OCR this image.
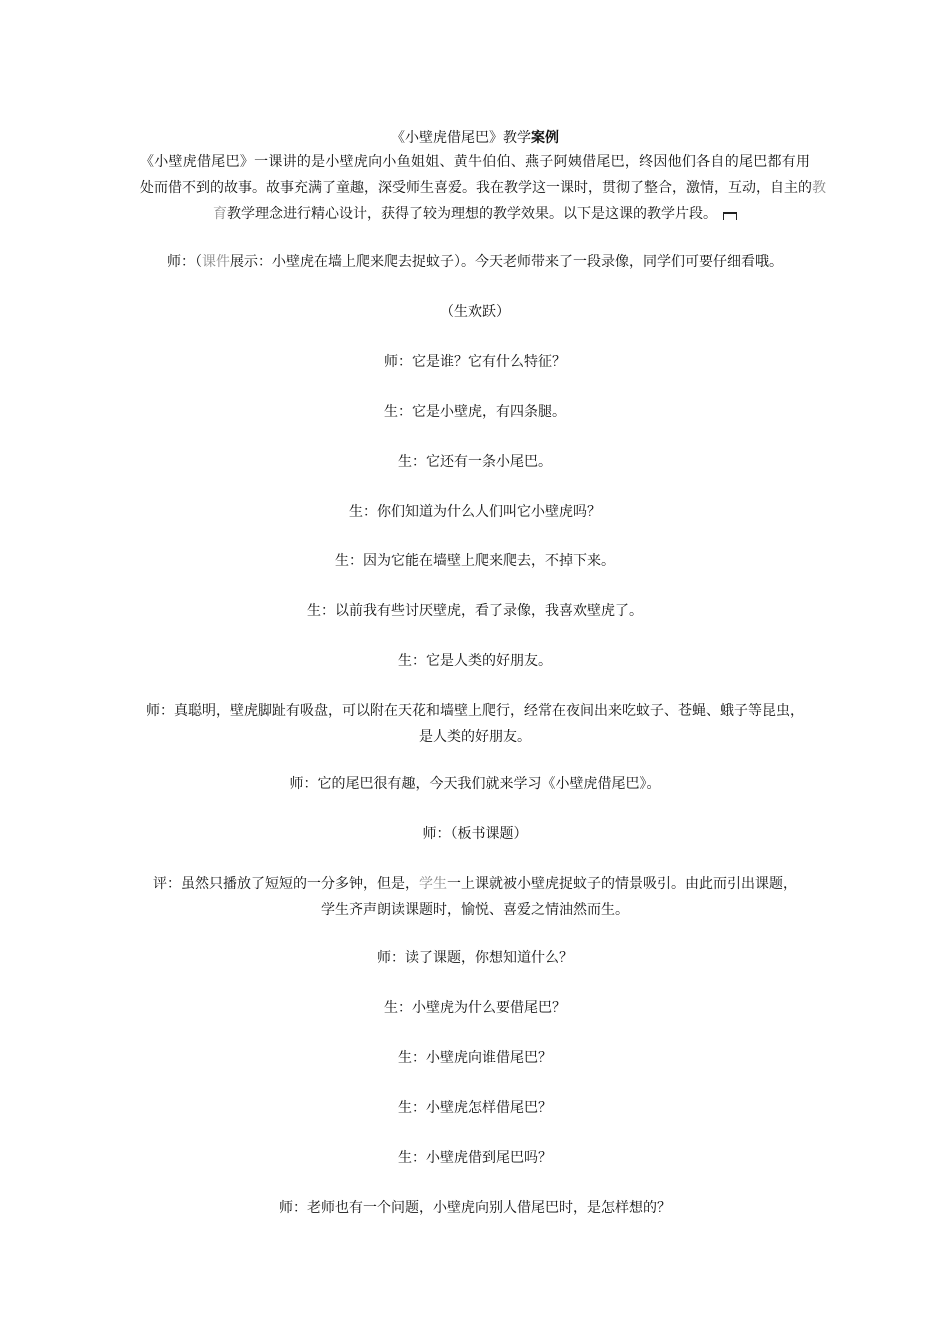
《小壁虎借尾巴》教学案例
《小壁虎借尾巴》一课讲的是小壁虎向小鱼姐姐、黄牛伯伯、燕子阿姨借尾巴，终因他们各自的尾巴都有用
处而借不到的故事。故事充满了童趣，深受师生喜爱。我在教学这一课时，贯彻了整合，激情，互动，自主的教
育教学理念进行精心设计，获得了较为理想的教学效果。以下是这课的教学片段。
师：（课件展示：小壁虎在墙上爬来爬去捉蚊子）。今天老师带来了一段录像，同学们可要仔细看哦。
（生欢跃）
师：它是谁？它有什么特征？
生：它是小壁虎，有四条腿。
生：它还有一条小尾巴。
生：你们知道为什么人们叫它小壁虎吗？
生：因为它能在墙壁上爬来爬去，不掉下来。
生：以前我有些讨厌壁虎，看了录像，我喜欢壁虎了。
生：它是人类的好朋友。
师：真聪明，壁虎脚趾有吸盘，可以附在天花和墙壁上爬行，经常在夜间出来吃蚊子、苍蝇、蛾子等昆虫，
是人类的好朋友。
师：它的尾巴很有趣，今天我们就来学习《小壁虎借尾巴》。
师：（板书课题）
评：虽然只播放了短短的一分多钟，但是，学生一上课就被小壁虎捉蚊子的情景吸引。由此而引出课题，
学生齐声朗读课题时，愉悦、喜爱之情油然而生。
师：读了课题，你想知道什么？
生：小壁虎为什么要借尾巴？
生：小壁虎向谁借尾巴？
生：小壁虎怎样借尾巴？
生：小壁虎借到尾巴吗？
师：老师也有一个问题，小壁虎向别人借尾巴时，是怎样想的？
